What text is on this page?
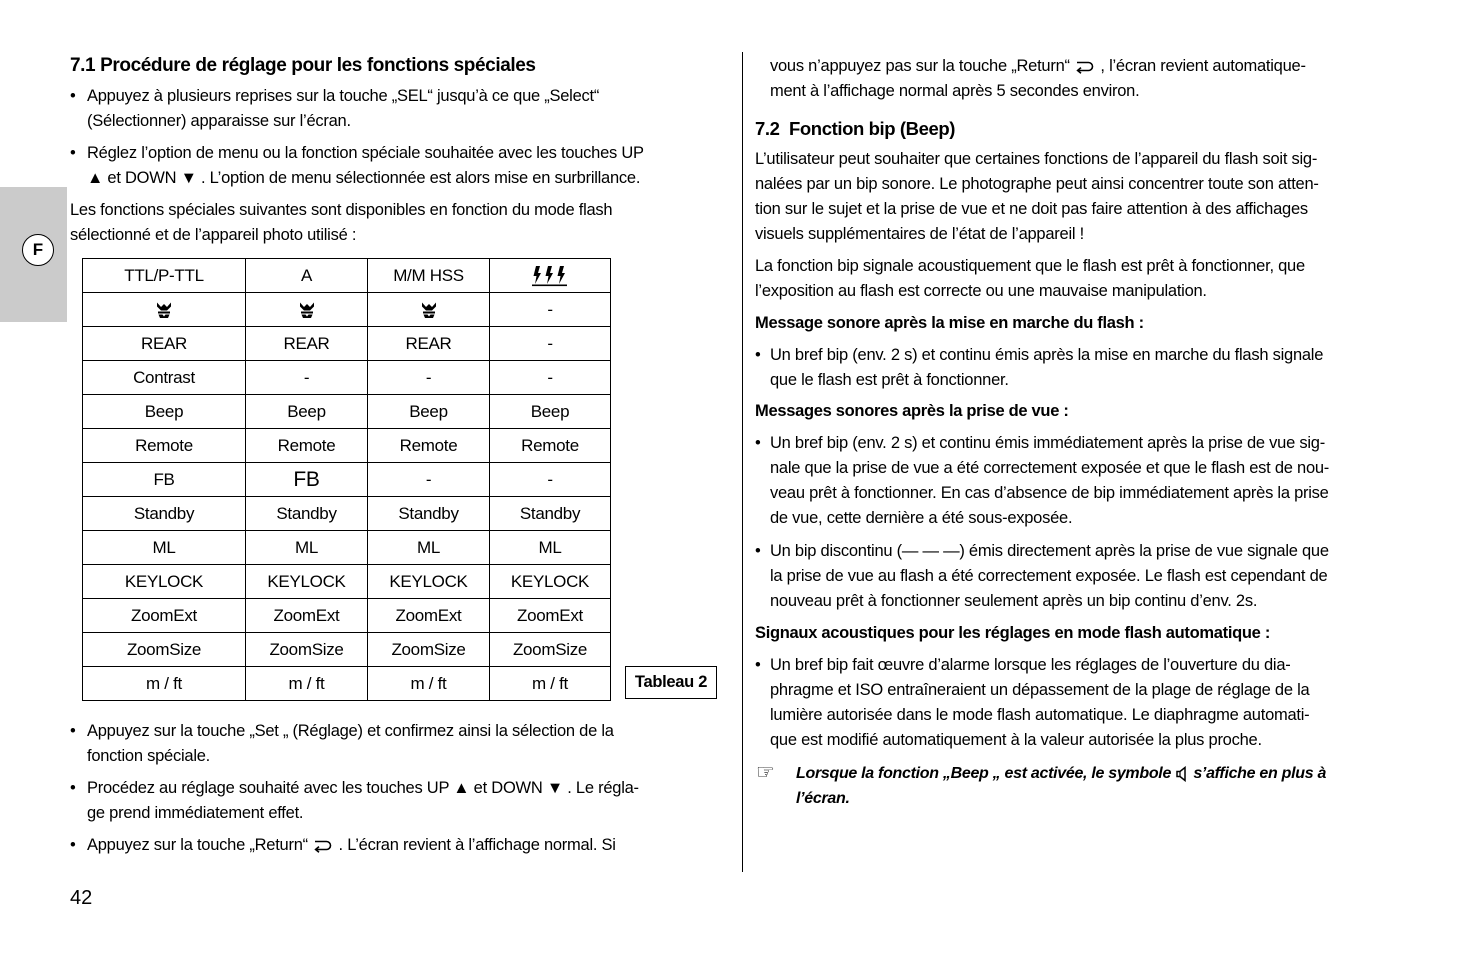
F
7.1 Procédure de réglage pour les fonctions spéciales
• Appuyez à plusieurs reprises sur la touche „SEL“ jusqu’à ce que „Select“
(Sélectionner) apparaisse sur l’écran.
• Réglez l’option de menu ou la fonction spéciale souhaitée avec les touches UP
▲ et DOWN ▼ . L’option de menu sélectionnée est alors mise en surbrillance.
Les fonctions spéciales suivantes sont disponibles en fonction du mode flash
sélectionné et de l’appareil photo utilisé :
TTL/P-TTL	A	M/M HSS	
			-
REAR	REAR	REAR	-
Contrast	-	-	-
Beep	Beep	Beep	Beep
Remote	Remote	Remote	Remote
FB	FB	-	-
Standby	Standby	Standby	Standby
ML	ML	ML	ML
KEYLOCK	KEYLOCK	KEYLOCK	KEYLOCK
ZoomExt	ZoomExt	ZoomExt	ZoomExt
ZoomSize	ZoomSize	ZoomSize	ZoomSize
m / ft	m / ft	m / ft	m / ft	Tableau 2
• Appuyez sur la touche „Set „ (Réglage) et confirmez ainsi la sélection de la
fonction spéciale.
• Procédez au réglage souhaité avec les touches UP ▲ et DOWN ▼ . Le régla-
ge prend immédiatement effet.
• Appuyez sur la touche „Return“  . L’écran revient à l’affichage normal. Si
42
vous n’appuyez pas sur la touche „Return“  , l’écran revient automatique-
ment à l’affichage normal après 5 secondes environ.
7.2  Fonction bip (Beep)
L’utilisateur peut souhaiter que certaines fonctions de l’appareil du flash soit sig-
nalées par un bip sonore. Le photographe peut ainsi concentrer toute son atten-
tion sur le sujet et la prise de vue et ne doit pas faire attention à des affichages
visuels supplémentaires de l’état de l’appareil !
La fonction bip signale acoustiquement que le flash est prêt à fonctionner, que
l’exposition au flash est correcte ou une mauvaise manipulation.
Message sonore après la mise en marche du flash :
• Un bref bip (env. 2 s) et continu émis après la mise en marche du flash signale
que le flash est prêt à fonctionner.
Messages sonores après la prise de vue :
• Un bref bip (env. 2 s) et continu émis immédiatement après la prise de vue sig-
nale que la prise de vue a été correctement exposée et que le flash est de nou-
veau prêt à fonctionner. En cas d’absence de bip immédiatement après la prise
de vue, cette dernière a été sous-exposée.
• Un bip discontinu (— — —) émis directement après la prise de vue signale que
la prise de vue au flash a été correctement exposée. Le flash est cependant de
nouveau prêt à fonctionner seulement après un bip continu d’env. 2s.
Signaux acoustiques pour les réglages en mode flash automatique :
• Un bref bip fait œuvre d’alarme lorsque les réglages de l’ouverture du dia-
phragme et ISO entraîneraient un dépassement de la plage de réglage de la
lumière autorisée dans le mode flash automatique. Le diaphragme automati-
que est modifié automatiquement à la valeur autorisée la plus proche.
☞
Lorsque la fonction „Beep „ est activée, le symbole  s’affiche en plus à
l’écran.
